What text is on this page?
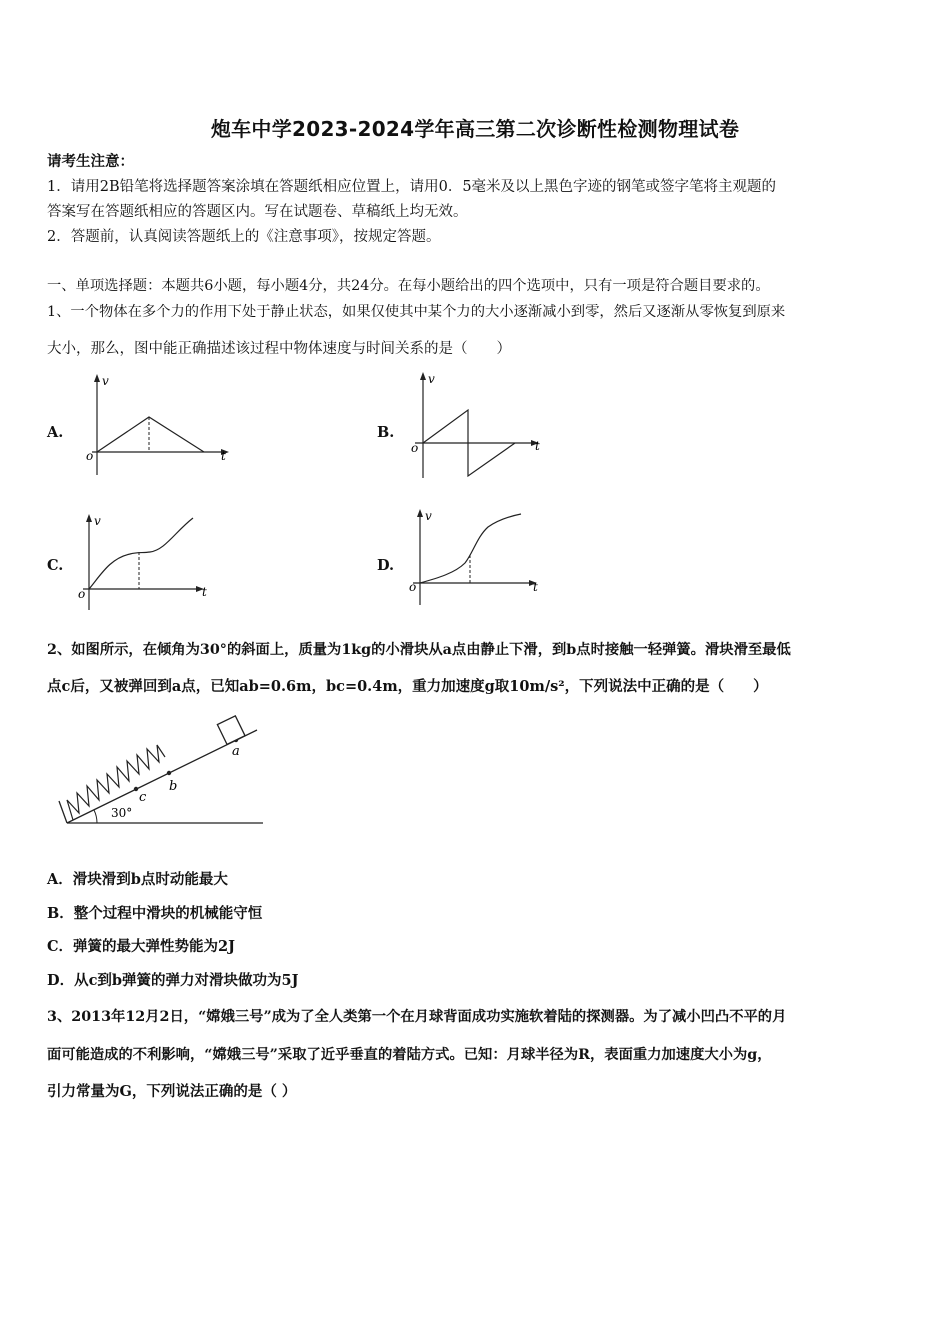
炮车中学2023-2024学年高三第二次诊断性检测物理试卷
请考生注意：
1．请用2B铅笔将选择题答案涂填在答题纸相应位置上，请用0．5毫米及以上黑色字迹的钢笔或签字笔将主观题的
答案写在答题纸相应的答题区内。写在试题卷、草稿纸上均无效。
2．答题前，认真阅读答题纸上的《注意事项》，按规定答题。
一、单项选择题：本题共6小题，每小题4分，共24分。在每小题给出的四个选项中，只有一项是符合题目要求的。
1、一个物体在多个力的作用下处于静止状态，如果仅使其中某个力的大小逐渐减小到零，然后又逐渐从零恢复到原来
大小，那么，图中能正确描述该过程中物体速度与时间关系的是（　　）
A.
v
t
o
B.
v
t
o
C.
v
t
o
D.
v
t
o
2、如图所示，在倾角为30°的斜面上，质量为1kg的小滑块从a点由静止下滑，到b点时接触一轻弹簧。滑块滑至最低
点c后，又被弹回到a点，已知ab=0.6m，bc=0.4m，重力加速度g取10m/s²，下列说法中正确的是（　　）
30°
c
b
a
A．滑块滑到b点时动能最大
B．整个过程中滑块的机械能守恒
C．弹簧的最大弹性势能为2J
D．从c到b弹簧的弹力对滑块做功为5J
3、2013年12月2日，“嫦娥三号”成为了全人类第一个在月球背面成功实施软着陆的探测器。为了减小凹凸不平的月
面可能造成的不利影响，“嫦娥三号”采取了近乎垂直的着陆方式。已知：月球半径为R，表面重力加速度大小为g，
引力常量为G，下列说法正确的是（ ）
